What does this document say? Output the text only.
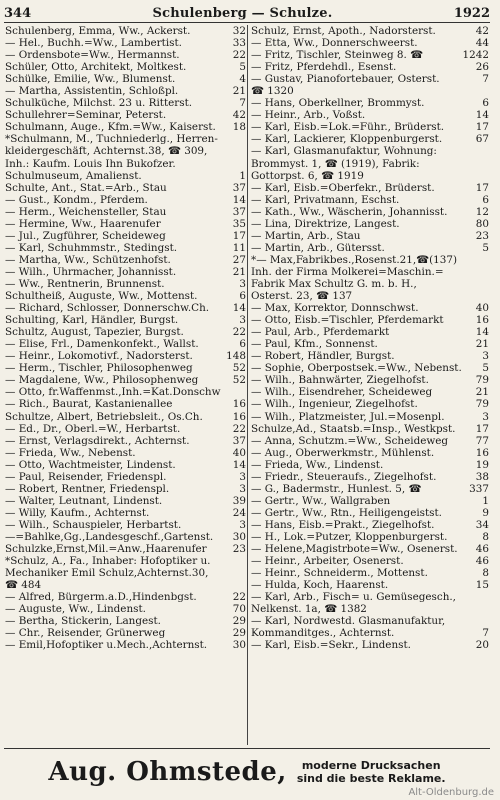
344	Schulenberg — Schulze.	1922
Schulenberg, Emma, Ww., Ackerst.	32
— Hel., Buchh.=Ww., Lambertist.	33
— Ordensbote=Ww., Hermannst.	22
Schüler, Otto, Architekt, Moltkest.	5
Schülke, Emilie, Ww., Blumenst.	4
— Martha, Assistentin, Schloßpl.	21
Schulküche, Milchst. 23 u. Ritterst.	7
Schullehrer=Seminar, Peterst.	42
Schulmann, Auge., Kfm.=Ww., Kaiserst. 18
*Schulmann, M., Tuchniederlg., Herren-
kleidergeschäft, Achternst.38, ☎ 309,
Inh.: Kaufm. Louis Ihn Bukofzer.
Schulmuseum, Amalienst.	1
Schulte, Ant., Stat.=Arb., Stau	37
— Gust., Kondm., Pferdem.	14
— Herm., Weichensteller, Stau	37
— Hermine, Ww., Haarenufer	35
— Jul., Zugführer, Scheideweg	17
— Karl, Schuhmmstr., Stedingst.	11
— Martha, Ww., Schützenhofst.	27
— Wilh., Uhrmacher, Johannisst.	21
— Ww., Rentnerin, Brunnenst.	3
Schultheiß, Auguste, Ww., Mottenst.	6
— Richard, Schlosser, Donnerschw.Ch. 14
Schulting, Karl, Händler, Burgst.	3
Schultz, August, Tapezier, Burgst.	22
— Elise, Frl., Damenkonfekt., Wallst.	6
— Heinr., Lokomotivf., Nadorsterst.	148
— Herm., Tischler, Philosophenweg	52
— Magdalene, Ww., Philosophenweg	52
— Otto, fr.Waffenmst.,Inh.=Kat.Donschw
— Rich., Baurat, Kastanienallee	16
Schultze, Albert, Betriebsleit., Os.Ch.	16
— Ed., Dr., Oberl.=W., Herbartst.	22
— Ernst, Verlagsdirekt., Achternst.	37
— Frieda, Ww., Nebenst.	40
— Otto, Wachtmeister, Lindenst.	14
— Paul, Reisender, Friedenspl.	3
— Robert, Rentner, Friedenspl.	3
— Walter, Leutnant, Lindenst.	39
— Willy, Kaufm., Achternst.	24
— Wilh., Schauspieler, Herbartst.	3
—=Bahlke,Gg.,Landesgeschf.,Gartenst. 30
Schulzke,Ernst,Mil.=Anw.,Haarenufer	23
*Schulz, A., Fa., Inhaber: Hofoptiker u.
Mechaniker Emil Schulz,Achternst.30,
☎ 484
— Alfred, Bürgerm.a.D.,Hindenbgst.	22
— Auguste, Ww., Lindenst.	70
— Bertha, Stickerin, Langest.	29
— Chr., Reisender, Grünerweg	29
— Emil,Hofoptiker u.Mech.,Achternst. 30
Schulz, Ernst, Apoth., Nadorsterst.	42
— Etta, Ww., Donnerschweerst.	44
— Fritz, Tischler, Steinweg 8. ☎	1242
— Fritz, Pferdehdl., Esenst.	26
— Gustav, Pianofortebauer, Osterst.	7
☎ 1320
— Hans, Oberkellner, Brommyst.	6
— Heinr., Arb., Voßst.	14
— Karl, Eisb.=Lok.=Führ., Brüderst.	17
— Karl, Lackierer, Kloppenburgerst.	67
— Karl, Glasmanufaktur, Wohnung:
Brommyst. 1, ☎ (1919), Fabrik:
Gottorpst. 6, ☎ 1919
— Karl, Eisb.=Oberfekr., Brüderst.	17
— Karl, Privatmann, Eschst.	6
— Kath., Ww., Wäscherin, Johannisst.	12
— Lina, Direktrize, Langest.	80
— Martin, Arb., Stau	23
— Martin, Arb., Gütersst.	5
*— Max,Fabrikbes.,Rosenst.21,☎(137)
Inh. der Firma Molkerei=Maschin.=
Fabrik Max Schultz G. m. b. H.,
Osterst. 23, ☎ 137
— Max, Korrektor, Donnschwst.	40
— Otto, Eisb.=Tischler, Pferdemarkt	16
— Paul, Arb., Pferdemarkt	14
— Paul, Kfm., Sonnenst.	21
— Robert, Händler, Burgst.	3
— Sophie, Oberpostsek.=Ww., Nebenst. 5
— Wilh., Bahnwärter, Ziegelhofst.	79
— Wilh., Eisendreher, Scheideweg	21
— Wilh., Ingenieur, Ziegelhofst.	79
— Wilh., Platzmeister, Jul.=Mosenpl.	3
Schulze,Ad., Staatsb.=Insp., Westkpst. 17
— Anna, Schutzm.=Ww., Scheideweg	77
— Aug., Oberwerkmstr., Mühlenst.	16
— Frieda, Ww., Lindenst.	19
— Friedr., Steueraufs., Ziegelhofst.	38
— G., Badermstr., Hunlest. 5, ☎	337
— Gertr., Ww., Wallgraben	1
— Gertr., Ww., Rtn., Heiligengeistst.	9
— Hans, Eisb.=Prakt., Ziegelhofst.	34
— H., Lok.=Putzer, Kloppenburgerst.	8
— Helene,Magistrbote=Ww., Osenerst. 46
— Heinr., Arbeiter, Osenerst.	46
— Heinr., Schneiderm., Mottenst.	8
— Hulda, Koch, Haarenst.	15
— Karl, Arb., Fisch= u. Gemüsegesch.,
Nelkenst. 1a, ☎ 1382
— Karl, Nordwestd. Glasmanufaktur,
Kommanditges., Achternst.	7
— Karl, Eisb.=Sekr., Lindenst.	20
Aug. Ohmstede,	moderne Drucksachen
sind die beste Reklame.
Alt-Oldenburg.de
